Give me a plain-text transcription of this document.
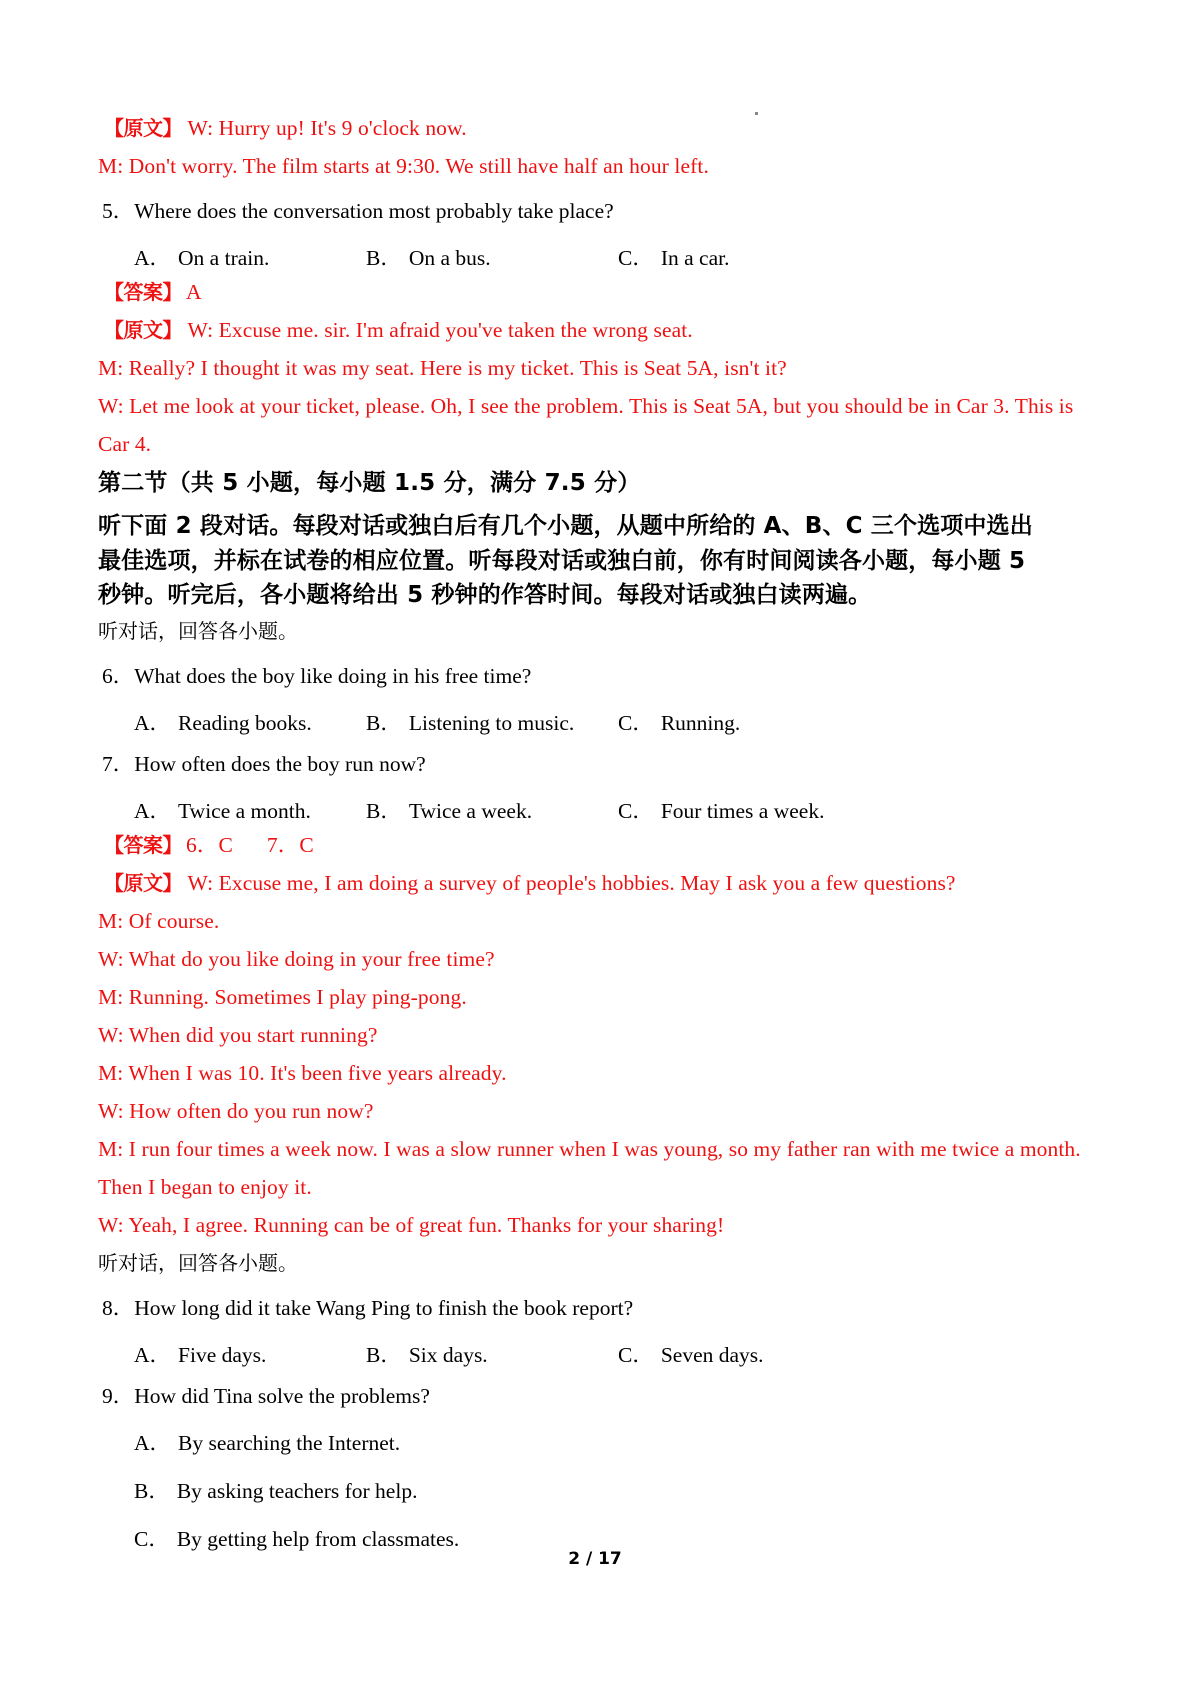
【原文】 W: Hurry up! It's 9 o'clock now.
M: Don't worry. The film starts at 9:30. We still have half an hour left.
5．Where does the conversation most probably take place?
A． On a train.	B． On a bus.	C． In a car.
【答案】 A
【原文】 W: Excuse me. sir. I'm afraid you've taken the wrong seat.
M: Really? I thought it was my seat. Here is my ticket. This is Seat 5A, isn't it?
W: Let me look at your ticket, please. Oh, I see the problem. This is Seat 5A, but you should be in Car 3. This is
Car 4.
第二节（共 5 小题，每小题 1.5 分，满分 7.5 分）
听下面 2 段对话。每段对话或独白后有几个小题，从题中所给的 A、B、C 三个选项中选出最佳选项，并标在试卷的相应位置。听每段对话或独白前，你有时间阅读各小题，每小题 5 秒钟。听完后，各小题将给出 5 秒钟的作答时间。每段对话或独白读两遍。
听对话，回答各小题。
6．What does the boy like doing in his free time?
A． Reading books.	B． Listening to music. C． Running.
7．How often does the boy run now?
A． Twice a month.	B． Twice a week.	C． Four times a week.
【答案】 6．C 7．C
【原文】 W: Excuse me, I am doing a survey of people's hobbies. May I ask you a few questions?
M: Of course.
W: What do you like doing in your free time?
M: Running. Sometimes I play ping-pong.
W: When did you start running?
M: When I was 10. It's been five years already.
W: How often do you run now?
M: I run four times a week now. I was a slow runner when I was young, so my father ran with me twice a month.
Then I began to enjoy it.
W: Yeah, I agree. Running can be of great fun. Thanks for your sharing!
听对话，回答各小题。
8．How long did it take Wang Ping to finish the book report?
A． Five days.	B． Six days.	C． Seven days.
9．How did Tina solve the problems?
A． By searching the Internet.
B． By asking teachers for help.
C． By getting help from classmates.
2 / 17
